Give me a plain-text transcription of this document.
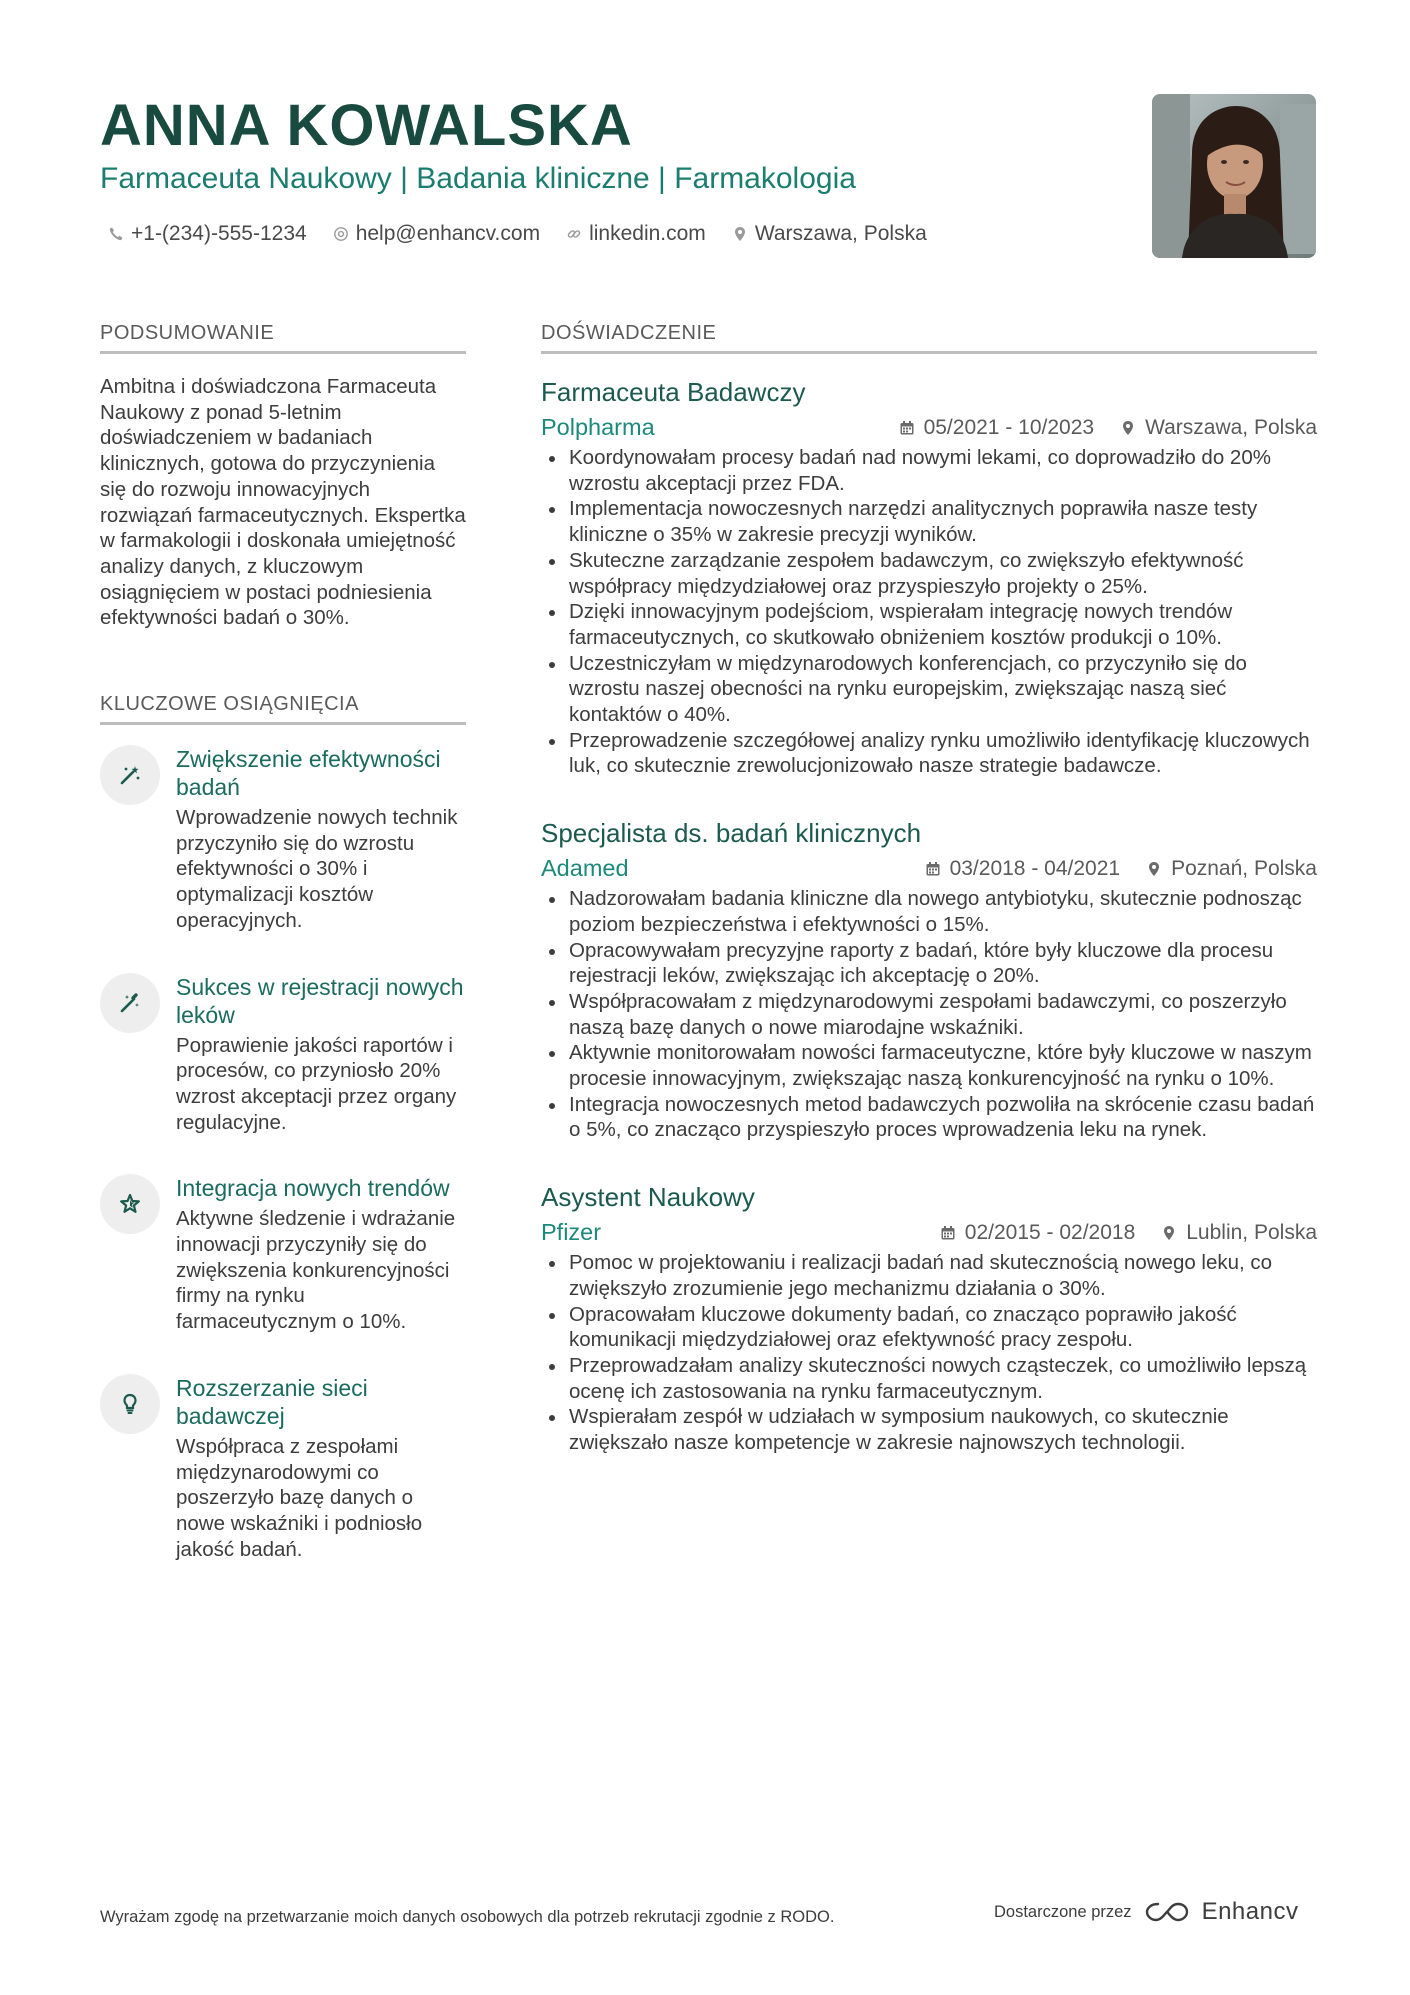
ANNA KOWALSKA
Farmaceuta Naukowy | Badania kliniczne | Farmakologia
+1-(234)-555-1234 help@enhancv.com linkedin.com Warszawa, Polska
PODSUMOWANIE
Ambitna i doświadczona Farmaceuta Naukowy z ponad 5-letnim doświadczeniem w badaniach klinicznych, gotowa do przyczynienia się do rozwoju innowacyjnych rozwiązań farmaceutycznych. Ekspertka w farmakologii i doskonała umiejętność analizy danych, z kluczowym osiągnięciem w postaci podniesienia efektywności badań o 30%.
KLUCZOWE OSIĄGNIĘCIA
Zwiększenie efektywności badań
Wprowadzenie nowych technik przyczyniło się do wzrostu efektywności o 30% i optymalizacji kosztów operacyjnych.
Sukces w rejestracji nowych leków
Poprawienie jakości raportów i procesów, co przyniosło 20% wzrost akceptacji przez organy regulacyjne.
Integracja nowych trendów
Aktywne śledzenie i wdrażanie innowacji przyczyniły się do zwiększenia konkurencyjności firmy na rynku farmaceutycznym o 10%.
Rozszerzanie sieci badawczej
Współpraca z zespołami międzynarodowymi co poszerzyło bazę danych o nowe wskaźniki i podniosło jakość badań.
DOŚWIADCZENIE
Farmaceuta Badawczy
Polpharma	05/2021 - 10/2023 Warszawa, Polska
Koordynowałam procesy badań nad nowymi lekami, co doprowadziło do 20% wzrostu akceptacji przez FDA.
Implementacja nowoczesnych narzędzi analitycznych poprawiła nasze testy kliniczne o 35% w zakresie precyzji wyników.
Skuteczne zarządzanie zespołem badawczym, co zwiększyło efektywność współpracy międzydziałowej oraz przyspieszyło projekty o 25%.
Dzięki innowacyjnym podejściom, wspierałam integrację nowych trendów farmaceutycznych, co skutkowało obniżeniem kosztów produkcji o 10%.
Uczestniczyłam w międzynarodowych konferencjach, co przyczyniło się do wzrostu naszej obecności na rynku europejskim, zwiększając naszą sieć kontaktów o 40%.
Przeprowadzenie szczegółowej analizy rynku umożliwiło identyfikację kluczowych luk, co skutecznie zrewolucjonizowało nasze strategie badawcze.
Specjalista ds. badań klinicznych
Adamed	03/2018 - 04/2021 Poznań, Polska
Nadzorowałam badania kliniczne dla nowego antybiotyku, skutecznie podnosząc poziom bezpieczeństwa i efektywności o 15%.
Opracowywałam precyzyjne raporty z badań, które były kluczowe dla procesu rejestracji leków, zwiększając ich akceptację o 20%.
Współpracowałam z międzynarodowymi zespołami badawczymi, co poszerzyło naszą bazę danych o nowe miarodajne wskaźniki.
Aktywnie monitorowałam nowości farmaceutyczne, które były kluczowe w naszym procesie innowacyjnym, zwiększając naszą konkurencyjność na rynku o 10%.
Integracja nowoczesnych metod badawczych pozwoliła na skrócenie czasu badań o 5%, co znacząco przyspieszyło proces wprowadzenia leku na rynek.
Asystent Naukowy
Pfizer	02/2015 - 02/2018 Lublin, Polska
Pomoc w projektowaniu i realizacji badań nad skutecznością nowego leku, co zwiększyło zrozumienie jego mechanizmu działania o 30%.
Opracowałam kluczowe dokumenty badań, co znacząco poprawiło jakość komunikacji międzydziałowej oraz efektywność pracy zespołu.
Przeprowadzałam analizy skuteczności nowych cząsteczek, co umożliwiło lepszą ocenę ich zastosowania na rynku farmaceutycznym.
Wspierałam zespół w udziałach w symposium naukowych, co skutecznie zwiększało nasze kompetencje w zakresie najnowszych technologii.
Wyrażam zgodę na przetwarzanie moich danych osobowych dla potrzeb rekrutacji zgodnie z RODO.	Dostarczone przez	Enhancv
